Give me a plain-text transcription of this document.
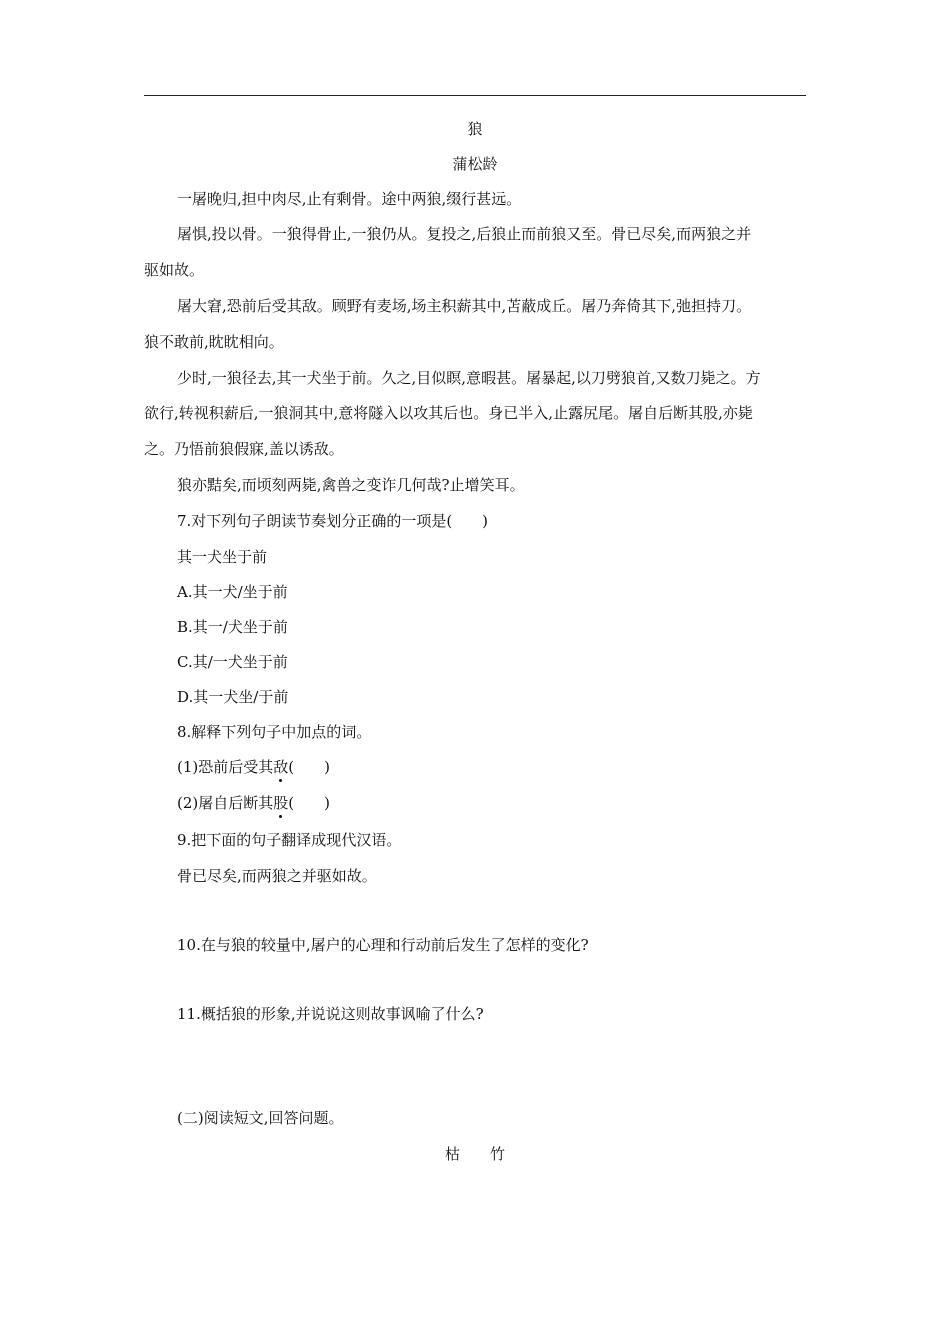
狼
蒲松龄
一屠晚归,担中肉尽,止有剩骨。途中两狼,缀行甚远。
屠惧,投以骨。一狼得骨止,一狼仍从。复投之,后狼止而前狼又至。骨已尽矣,而两狼之并
驱如故。
屠大窘,恐前后受其敌。顾野有麦场,场主积薪其中,苫蔽成丘。屠乃奔倚其下,弛担持刀。
狼不敢前,眈眈相向。
少时,一狼径去,其一犬坐于前。久之,目似瞑,意暇甚。屠暴起,以刀劈狼首,又数刀毙之。方
欲行,转视积薪后,一狼洞其中,意将隧入以攻其后也。身已半入,止露尻尾。屠自后断其股,亦毙
之。乃悟前狼假寐,盖以诱敌。
狼亦黠矣,而顷刻两毙,禽兽之变诈几何哉?止增笑耳。
7.对下列句子朗读节奏划分正确的一项是(　　)
其一犬坐于前
A.其一犬/坐于前
B.其一/犬坐于前
C.其/一犬坐于前
D.其一犬坐/于前
8.解释下列句子中加点的词。
(1)恐前后受其敌(　　)
(2)屠自后断其股(　　)
9.把下面的句子翻译成现代汉语。
骨已尽矣,而两狼之并驱如故。
10.在与狼的较量中,屠户的心理和行动前后发生了怎样的变化?
11.概括狼的形象,并说说这则故事讽喻了什么?
(二)阅读短文,回答问题。
枯竹
